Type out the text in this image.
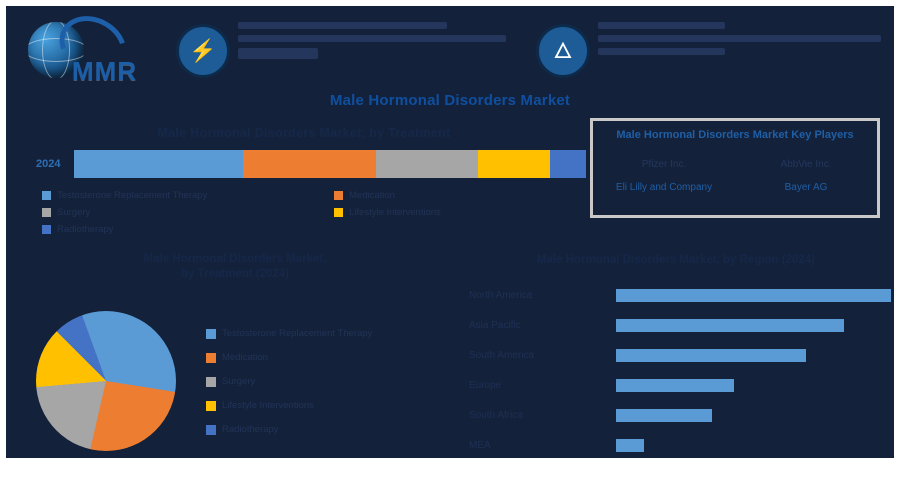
MMR
⚡	🜂
Male Hormonal Disorders Market
Male Hormonal Disorders Market, by Treatment
2024
Testosterone Replacement Therapy
Surgery
Radiotherapy
Medication
Lifestyle Interventions
Male Hormonal Disorders Market Key Players
Pfizer Inc.	AbbVie Inc.
Eli Lilly and Company	Bayer AG
Male Hormonal Disorders Market,
by Treatment (2024)
Testosterone Replacement Therapy
Medication
Surgery
Lifestyle Interventions
Radiotherapy
Male Hormonal Disorders Market, by Region (2024)
North America
Asia Pacific
South America
Europe
South Africa
MEA
